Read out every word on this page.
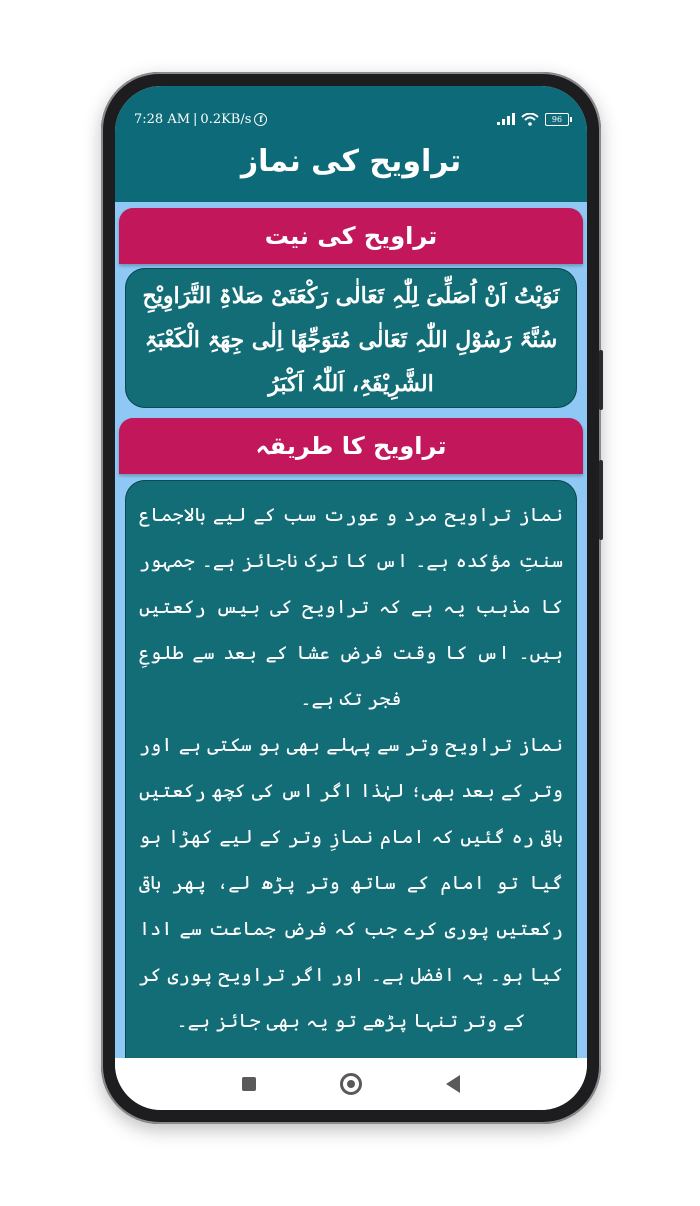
7:28 AM | 0.2KB/s f	96
تراویح کی نماز
تراویح کی نیت
نَوَیْتُ اَنْ اُصَلِّیَ لِلّٰہِ تَعَالٰی رَکْعَتَیْ صَلاۃِ التَّرَاوِیْحِ سُنَّۃَ رَسُوْلِ اللّٰہِ تَعَالٰی مُتَوَجِّھًا اِلٰی جِھَۃِ الْکَعْبَۃِ الشَّرِیْفَۃِ، اَللّٰہُ اَکْبَرُ
تراویح کا طریقہ

نماز تراویح مرد و عورت سب کے لیے بالاجماع سنتِ مؤکدہ ہے۔ اس کا ترک ناجائز ہے۔ جمہور کا مذہب یہ ہے کہ تراویح کی بیس رکعتیں ہیں۔ اس کا وقت فرض عشا کے بعد سے طلوعِ فجر تک ہے۔

نماز تراویح وتر سے پہلے بھی ہو سکتی ہے اور وتر کے بعد بھی؛ لہٰذا اگر اس کی کچھ رکعتیں باقی رہ گئیں کہ امام نمازِ وتر کے لیے کھڑا ہو گیا تو امام کے ساتھ وتر پڑھ لے، پھر باقی رکعتیں پوری کرے جب کہ فرض جماعت سے ادا کیا ہو۔ یہ افضل ہے۔ اور اگر تراویح پوری کر کے وتر تنہا پڑھے تو یہ بھی جائز ہے۔
